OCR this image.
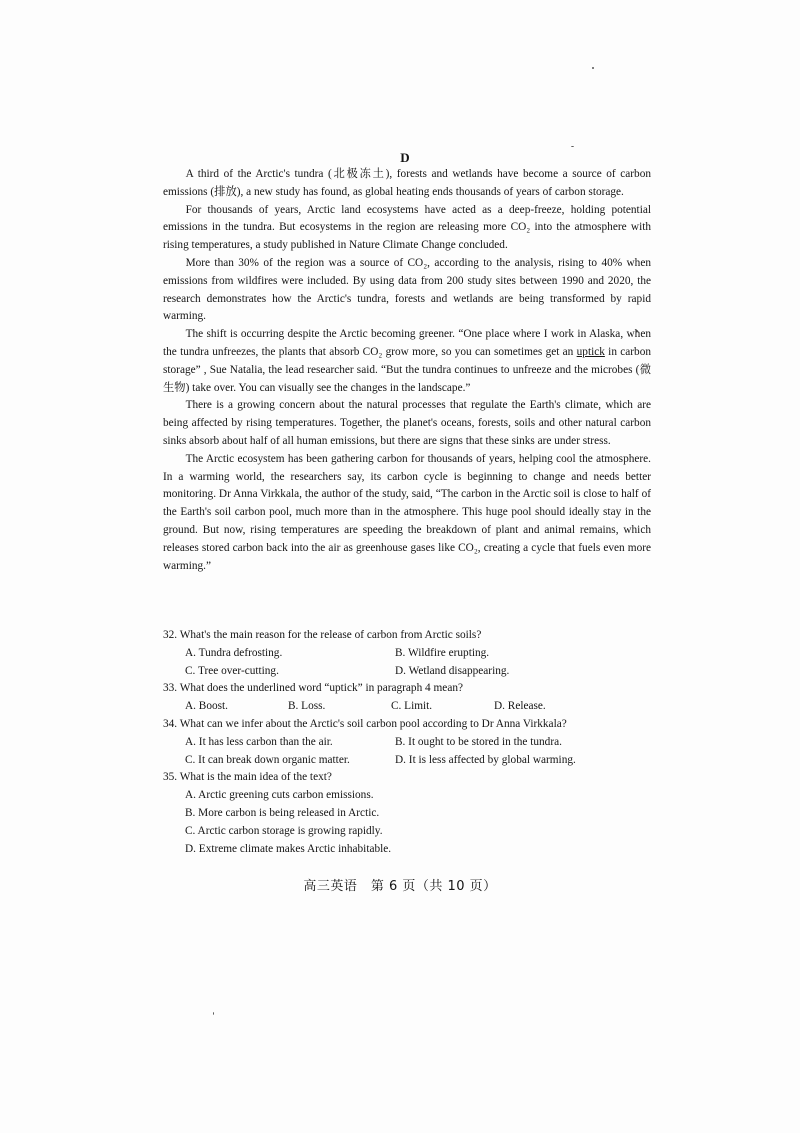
D

A third of the Arctic's tundra (北极冻土), forests and wetlands have become a source of carbon emissions (排放), a new study has found, as global heating ends thousands of years of carbon storage.

For thousands of years, Arctic land ecosystems have acted as a deep-freeze, holding potential emissions in the tundra. But ecosystems in the region are releasing more CO₂ into the atmosphere with rising temperatures, a study published in Nature Climate Change concluded.

More than 30% of the region was a source of CO₂, according to the analysis, rising to 40% when emissions from wildfires were included. By using data from 200 study sites between 1990 and 2020, the research demonstrates how the Arctic's tundra, forests and wetlands are being transformed by rapid warming.

The shift is occurring despite the Arctic becoming greener. “One place where I work in Alaska, when the tundra unfreezes, the plants that absorb CO₂ grow more, so you can sometimes get an uptick in carbon storage” , Sue Natalia, the lead researcher said. “But the tundra continues to unfreeze and the microbes (微生物) take over. You can visually see the changes in the landscape.”

There is a growing concern about the natural processes that regulate the Earth's climate, which are being affected by rising temperatures. Together, the planet's oceans, forests, soils and other natural carbon sinks absorb about half of all human emissions, but there are signs that these sinks are under stress.

The Arctic ecosystem has been gathering carbon for thousands of years, helping cool the atmosphere. In a warming world, the researchers say, its carbon cycle is beginning to change and needs better monitoring. Dr Anna Virkkala, the author of the study, said, “The carbon in the Arctic soil is close to half of the Earth's soil carbon pool, much more than in the atmosphere. This huge pool should ideally stay in the ground. But now, rising temperatures are speeding the breakdown of plant and animal remains, which releases stored carbon back into the air as greenhouse gases like CO₂, creating a cycle that fuels even more warming.”

32. What's the main reason for the release of carbon from Arctic soils?
A. Tundra defrosting.	B. Wildfire erupting.
C. Tree over-cutting.	D. Wetland disappearing.
33. What does the underlined word “uptick” in paragraph 4 mean?
A. Boost.	B. Loss.	C. Limit.	D. Release.
34. What can we infer about the Arctic's soil carbon pool according to Dr Anna Virkkala?
A. It has less carbon than the air.	B. It ought to be stored in the tundra.
C. It can break down organic matter.	D. It is less affected by global warming.
35. What is the main idea of the text?
A. Arctic greening cuts carbon emissions.
B. More carbon is being released in Arctic.
C. Arctic carbon storage is growing rapidly.
D. Extreme climate makes Arctic inhabitable.
高三英语　第 6 页（共 10 页）
